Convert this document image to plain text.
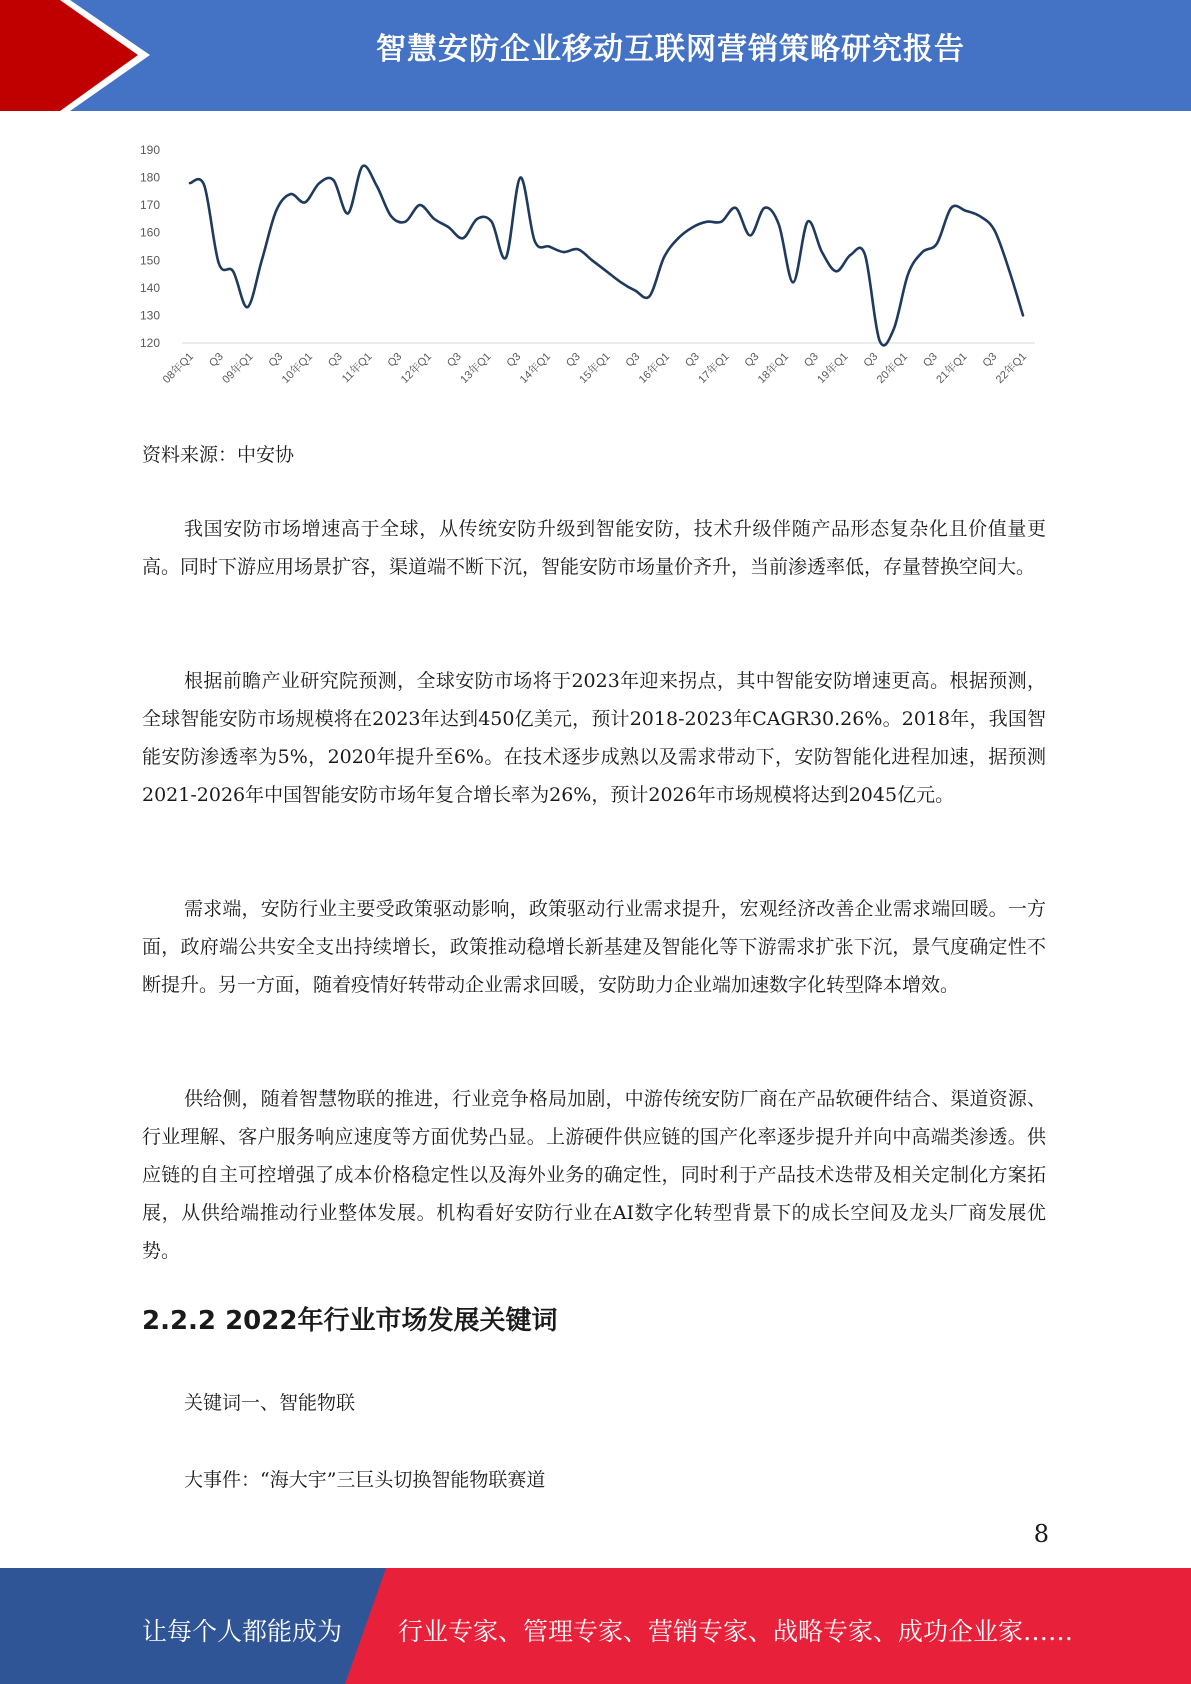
智慧安防企业移动互联网营销策略研究报告
120
130
140
150
160
170
180
190
08年Q1 Q3
09年Q1 Q3
10年Q1 Q3
11年Q1 Q3
12年Q1 Q3
13年Q1 Q3
14年Q1 Q3
15年Q1 Q3
16年Q1 Q3
17年Q1 Q3
18年Q1 Q3
19年Q1 Q3
20年Q1 Q3
21年Q1 Q3
22年Q1
资料来源：中安协

我国安防市场增速高于全球，从传统安防升级到智能安防，技术升级伴随产品形态复杂化且价值量更高。同时下游应用场景扩容，渠道端不断下沉，智能安防市场量价齐升，当前渗透率低，存量替换空间大。

根据前瞻产业研究院预测，全球安防市场将于2023年迎来拐点，其中智能安防增速更高。根据预测，全球智能安防市场规模将在2023年达到450亿美元，预计2018-2023年CAGR30.26%。2018年，我国智能安防渗透率为5%，2020年提升至6%。在技术逐步成熟以及需求带动下，安防智能化进程加速，据预测2021-2026年中国智能安防市场年复合增长率为26%，预计2026年市场规模将达到2045亿元。

需求端，安防行业主要受政策驱动影响，政策驱动行业需求提升，宏观经济改善企业需求端回暖。一方面，政府端公共安全支出持续增长，政策推动稳增长新基建及智能化等下游需求扩张下沉，景气度确定性不断提升。另一方面，随着疫情好转带动企业需求回暖，安防助力企业端加速数字化转型降本增效。

供给侧，随着智慧物联的推进，行业竞争格局加剧，中游传统安防厂商在产品软硬件结合、渠道资源、行业理解、客户服务响应速度等方面优势凸显。上游硬件供应链的国产化率逐步提升并向中高端类渗透。供应链的自主可控增强了成本价格稳定性以及海外业务的确定性，同时利于产品技术迭带及相关定制化方案拓展，从供给端推动行业整体发展。机构看好安防行业在AI数字化转型背景下的成长空间及龙头厂商发展优势。

2.2.2 2022年行业市场发展关键词
关键词一、智能物联
大事件：“海大宇”三巨头切换智能物联赛道
8
让每个人都能成为 行业专家、管理专家、营销专家、战略专家、成功企业家……
